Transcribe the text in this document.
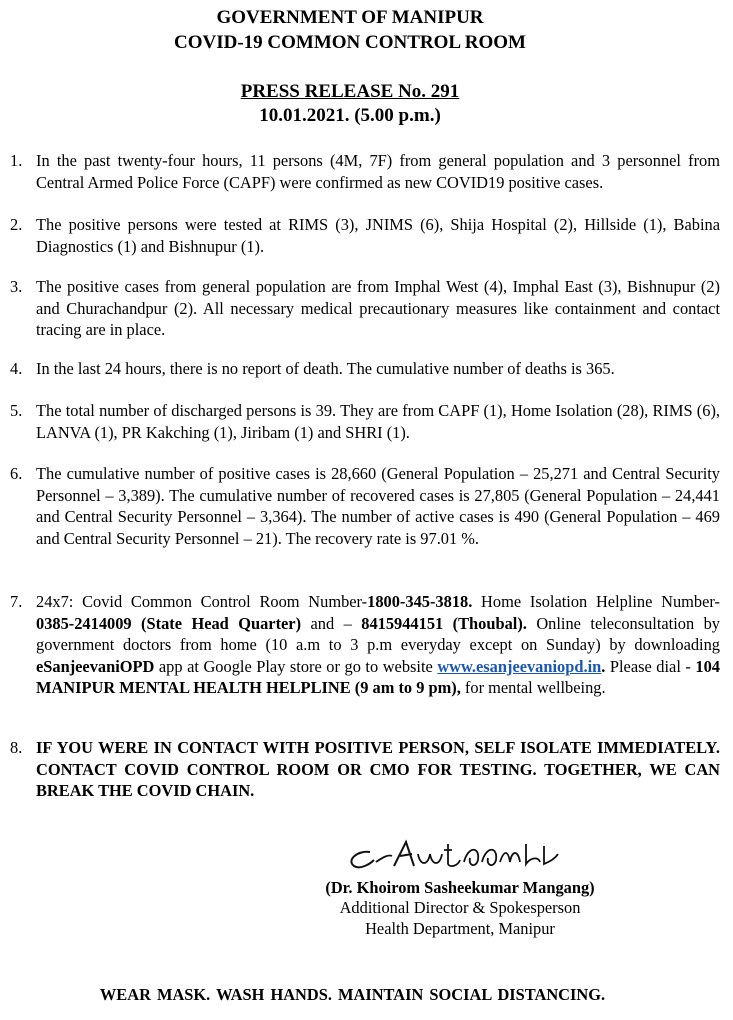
GOVERNMENT OF MANIPUR
COVID-19 COMMON CONTROL ROOM
PRESS RELEASE No. 291
10.01.2021. (5.00 p.m.)
1. In the past twenty-four hours, 11 persons (4M, 7F) from general population and 3 personnel from Central Armed Police Force (CAPF) were confirmed as new COVID19 positive cases.
2. The positive persons were tested at RIMS (3), JNIMS (6), Shija Hospital (2), Hillside (1), Babina Diagnostics (1) and Bishnupur (1).
3. The positive cases from general population are from Imphal West (4), Imphal East (3), Bishnupur (2) and Churachandpur (2). All necessary medical precautionary measures like containment and contact tracing are in place.
4. In the last 24 hours, there is no report of death. The cumulative number of deaths is 365.
5. The total number of discharged persons is 39. They are from CAPF (1), Home Isolation (28), RIMS (6), LANVA (1), PR Kakching (1), Jiribam (1) and SHRI (1).
6. The cumulative number of positive cases is 28,660 (General Population – 25,271 and Central Security Personnel – 3,389). The cumulative number of recovered cases is 27,805 (General Population – 24,441 and Central Security Personnel – 3,364). The number of active cases is 490 (General Population – 469 and Central Security Personnel – 21). The recovery rate is 97.01 %.
7. 24x7: Covid Common Control Room Number-1800-345-3818. Home Isolation Helpline Number- 0385-2414009 (State Head Quarter) and – 8415944151 (Thoubal). Online teleconsultation by government doctors from home (10 a.m to 3 p.m everyday except on Sunday) by downloading eSanjeevaniOPD app at Google Play store or go to website www.esanjeevaniopd.in. Please dial - 104 MANIPUR MENTAL HEALTH HELPLINE (9 am to 9 pm), for mental wellbeing.
8. IF YOU WERE IN CONTACT WITH POSITIVE PERSON, SELF ISOLATE IMMEDIATELY. CONTACT COVID CONTROL ROOM OR CMO FOR TESTING. TOGETHER, WE CAN BREAK THE COVID CHAIN.
(Dr. Khoirom Sasheekumar Mangang)
Additional Director & Spokesperson
Health Department, Manipur
WEAR MASK. WASH HANDS. MAINTAIN SOCIAL DISTANCING.
